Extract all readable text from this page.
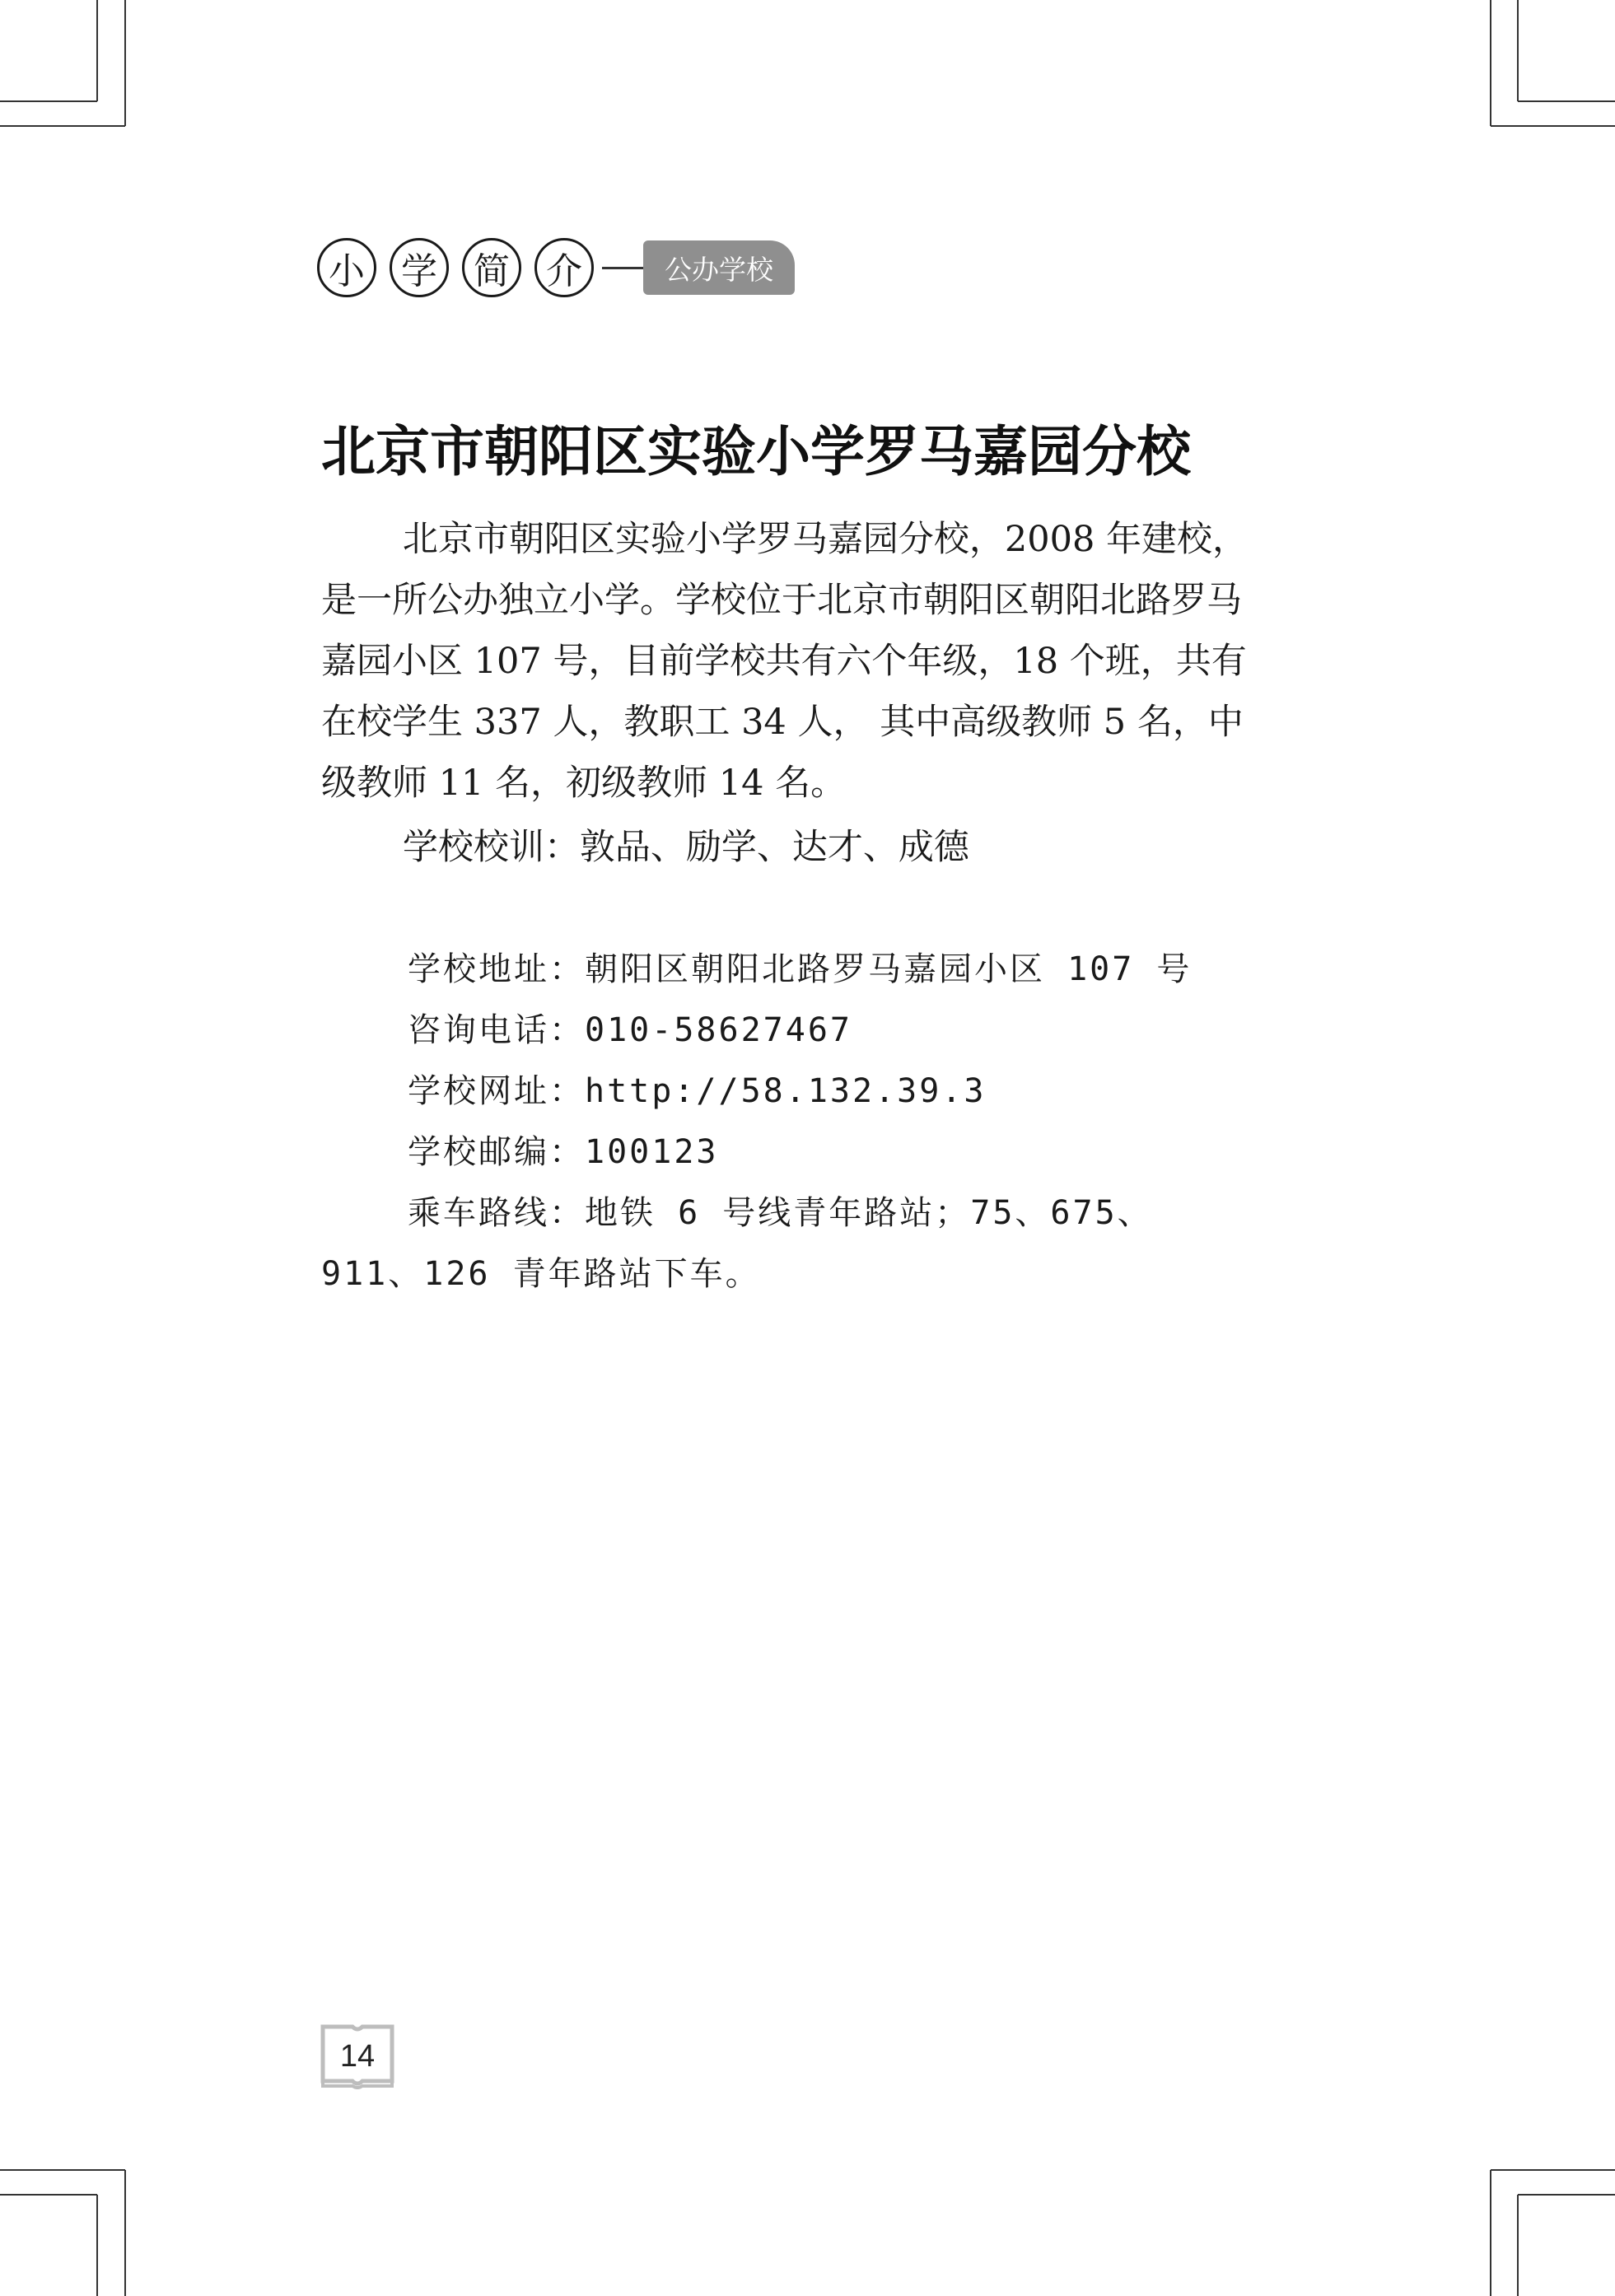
小	学	简	介	公办学校
北京市朝阳区实验小学罗马嘉园分校

北京市朝阳区实验小学罗马嘉园分校，2008 年建校，是一所公办独立小学。学校位于北京市朝阳区朝阳北路罗马嘉园小区 107 号，目前学校共有六个年级，18 个班，共有在校学生 337 人，教职工 34 人， 其中高级教师 5 名，中级教师 11 名，初级教师 14 名。

学校校训：敦品、励学、达才、成德

学校地址：朝阳区朝阳北路罗马嘉园小区 107 号
咨询电话：010-58627467
学校网址：http://58.132.39.3
学校邮编：100123
乘车路线：地铁 6 号线青年路站；75、675、
911、126 青年路站下车。
14
